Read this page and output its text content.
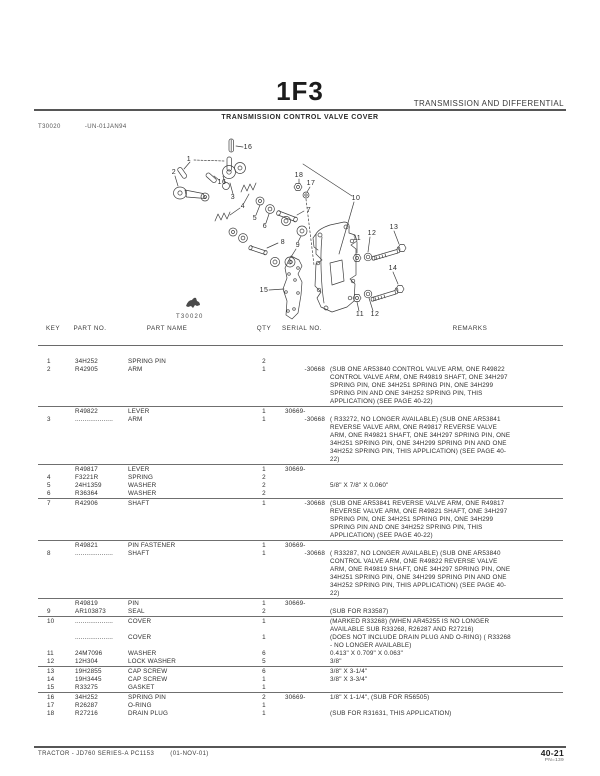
1F3	TRANSMISSION AND DIFFERENTIAL
TRANSMISSION CONTROL VALVE COVER
T30020	-UN-01JAN94
T30020
16
1
2
16
3
4
5
6
7
8 9
10
18
17
11
12
13
14
15
11 12
KEY PART NO.	PART NAME	QTY SERIAL NO.	REMARKS
1	34H252	SPRING PIN	2
2	R42905	ARM	1	-30668 (SUB ONE AR53840 CONTROL VALVE ARM, ONE R49822 CONTROL VALVE ARM, ONE R49819 SHAFT, ONE 34H297 SPRING PIN, ONE 34H251 SPRING PIN, ONE 34H299 SPRING PIN AND ONE 34H252 SPRING PIN, THIS APPLICATION) (SEE PAGE 40-22)
R49822	LEVER	1	30669-
3	....................	ARM	1	-30668 ( R33272, NO LONGER AVAILABLE) (SUB ONE AR53841 REVERSE VALVE ARM, ONE R49817 REVERSE VALVE ARM, ONE R49821 SHAFT, ONE 34H297 SPRING PIN, ONE 34H251 SPRING PIN, ONE 34H299 SPRING PIN AND ONE 34H252 SPRING PIN, THIS APPLICATION) (SEE PAGE 40-22)
R49817	LEVER	1	30669-
4	F3221R	SPRING	2
5	24H1359	WASHER	2	5/8" X 7/8" X 0.060"
6	R36364	WASHER	2
7	R42906	SHAFT	1	-30668 (SUB ONE AR53841 REVERSE VALVE ARM, ONE R49817 REVERSE VALVE ARM, ONE R49821 SHAFT, ONE 34H297 SPRING PIN, ONE 34H251 SPRING PIN, ONE 34H299 SPRING PIN AND ONE 34H252 SPRING PIN, THIS APPLICATION) (SEE PAGE 40-22)
R49821	PIN FASTENER	1	30669-
8	....................	SHAFT	1	-30668 ( R33287, NO LONGER AVAILABLE) (SUB ONE AR53840 CONTROL VALVE ARM, ONE R49822 REVERSE VALVE ARM, ONE R49819 SHAFT, ONE 34H297 SPRING PIN, ONE 34H251 SPRING PIN, ONE 34H299 SPRING PIN AND ONE 34H252 SPRING PIN, THIS APPLICATION) (SEE PAGE 40-22)
R49819	PIN	1	30669-
9	AR103873	SEAL	2	(SUB FOR R33587)
10	....................	COVER	1	(MARKED R33268) (WHEN AR45255 IS NO LONGER AVAILABLE SUB R33268, R26287 AND R27216)
....................	COVER	1	(DOES NOT INCLUDE DRAIN PLUG AND O-RING) ( R33268 - NO LONGER AVAILABLE)
11	24M7096	WASHER	6	0.413" X 0.709" X 0.063"
12	12H304	LOCK WASHER	5	3/8"
13	19H2855	CAP SCREW	6	3/8" X 3-1/4"
14	19H3445	CAP SCREW	1	3/8" X 3-3/4"
15	R33275	GASKET	1
16	34H252	SPRING PIN	2	30669-	1/8" X 1-1/4", (SUB FOR R56505)
17	R26287	O-RING	1
18	R27216	DRAIN PLUG	1	(SUB FOR R31631, THIS APPLICATION)
TRACTOR - JD760 SERIES-A PC1153	(01-NOV-01)	40-21
PN=139
